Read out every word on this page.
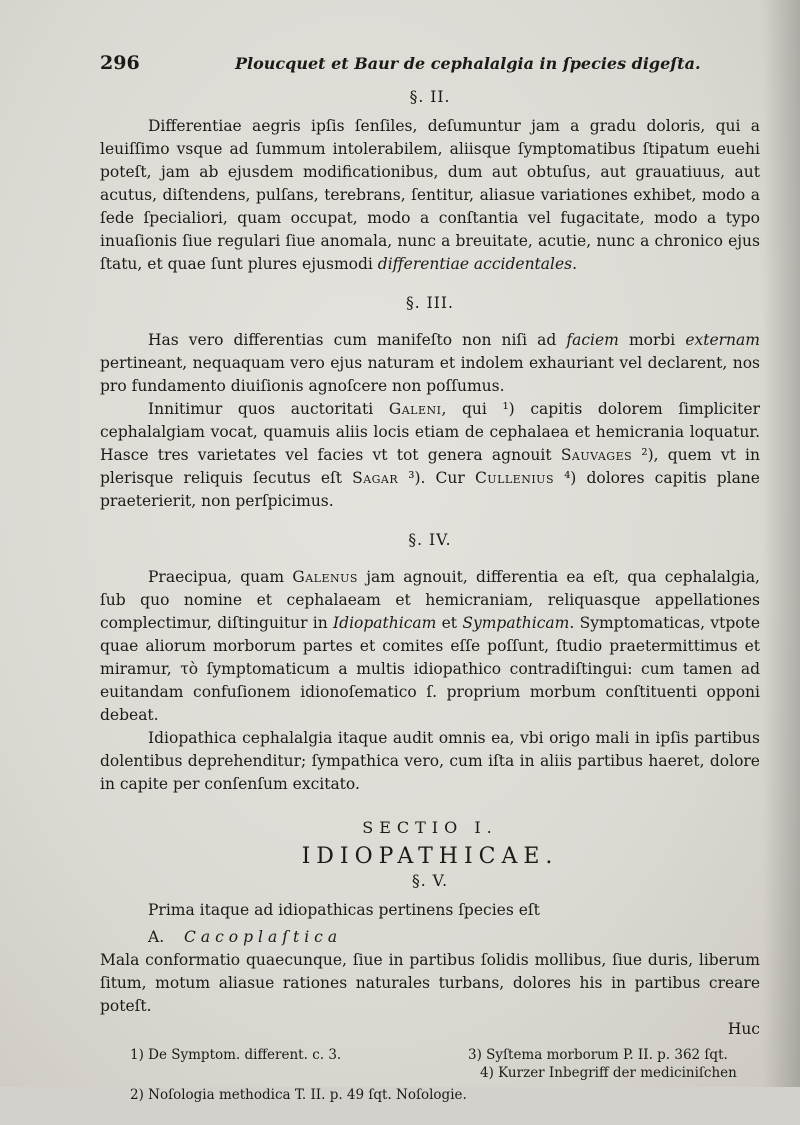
296	Ploucquet et Baur de cephalalgia in ſpecies digeſta.
§. II.

Differentiae aegris ipſis ſenſiles, deſumuntur jam a gradu doloris, qui a leuiſſimo vsque ad ſummum intolerabilem, aliisque ſymptomatibus ſtipatum euehi poteſt, jam ab ejusdem modificationibus, dum aut obtuſus, aut grauatiuus, aut acutus, diſtendens, pulſans, terebrans, ſentitur, aliasue variationes exhibet, modo a ſede ſpecialiori, quam occupat, modo a conſtantia vel fugacitate, modo a typo inuaſionis ſiue regulari ſiue anomala, nunc a breuitate, acutie, nunc a chronico ejus ſtatu, et quae ſunt plures ejusmodi differentiae accidentales.

§. III.

Has vero differentias cum manifeſto non niſi ad faciem morbi externam pertineant, nequaquam vero ejus naturam et indolem exhauriant vel declarent, nos pro fundamento diuiſionis agnoſcere non poſſumus.

Innitimur quos auctoritati Galeni, qui ¹) capitis dolorem ſimpliciter cephalalgiam vocat, quamuis aliis locis etiam de cephalaea et hemicrania loquatur. Hasce tres varietates vel facies vt tot genera agnouit Sauvages ²), quem vt in plerisque reliquis ſecutus eſt Sagar ³). Cur Cullenius ⁴) dolores capitis plane praeterierit, non perſpicimus.

§. IV.

Praecipua, quam Galenus jam agnouit, differentia ea eſt, qua cephalalgia, ſub quo nomine et cephalaeam et hemicraniam, reliquasque appellationes complectimur, diſtinguitur in Idiopathicam et Sympathicam. Symptomaticas, vtpote quae aliorum morborum partes et comites eſſe poſſunt, ſtudio praetermittimus et miramur, τὸ ſymptomaticum a multis idiopathico contradiſtingui: cum tamen ad euitandam confuſionem idionoſematico ſ. proprium morbum conſtituenti opponi debeat.

Idiopathica cephalalgia itaque audit omnis ea, vbi origo mali in ipſis partibus dolentibus deprehenditur; ſympathica vero, cum iſta in aliis partibus haeret, dolore in capite per conſenſum excitato.

SECTIO I.
IDIOPATHICAE.
§. V.

Prima itaque ad idiopathicas pertinens ſpecies eſt

A. Cacoplaſtica

Mala conformatio quaecunque, ſiue in partibus ſolidis mollibus, ſiue duris, liberum ſitum, motum aliasue rationes naturales turbans, dolores his in partibus creare poteſt.

Huc
1) De Symptom. different. c. 3.	3) Syſtema morborum P. II. p. 362 ſqt.
4) Kurzer Inbegriff der mediciniſchen
2) Noſologia methodica T. II. p. 49 ſqt. Noſologie.
